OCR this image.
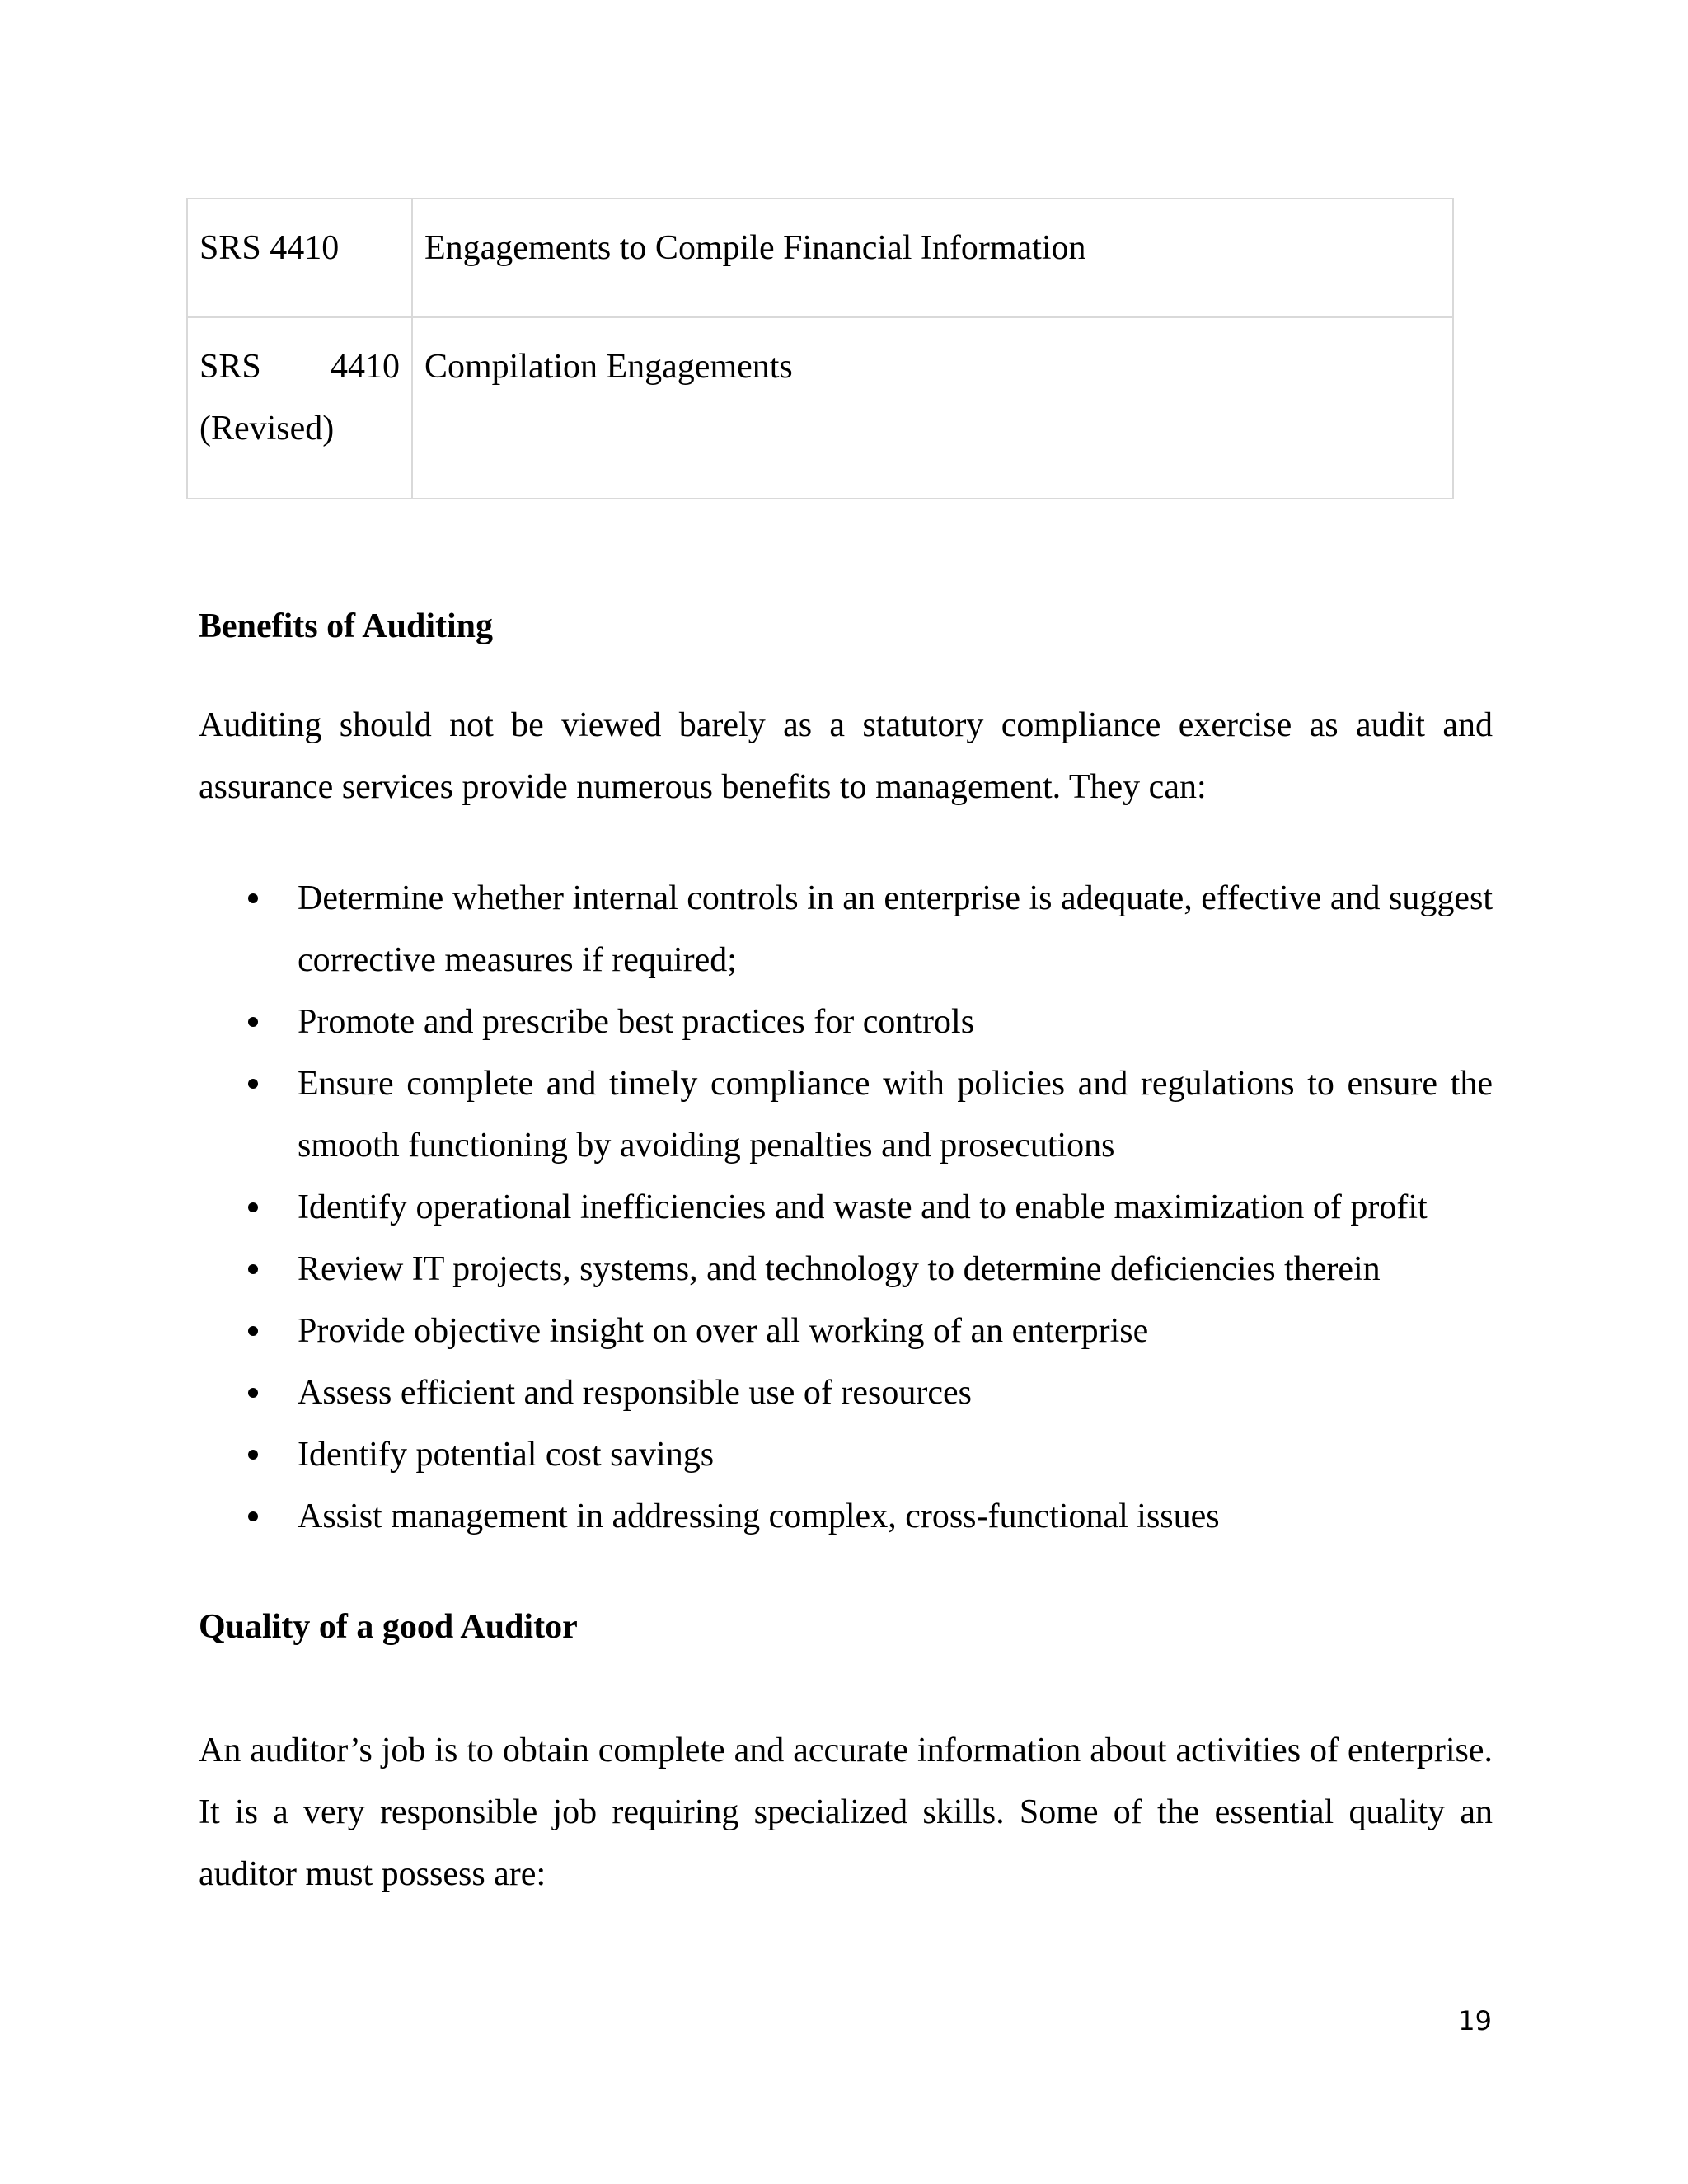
SRS 4410	Engagements to Compile Financial Information

SRS 4410
(Revised)	Compilation Engagements
Benefits of Auditing

Auditing should not be viewed barely as a statutory compliance exercise as audit and assurance services provide numerous benefits to management. They can:

Determine whether internal controls in an enterprise is adequate, effective and suggest corrective measures if required;
Promote and prescribe best practices for controls
Ensure complete and timely compliance with policies and regulations to ensure the smooth functioning by avoiding penalties and prosecutions
Identify operational inefficiencies and waste and to enable maximization of profit
Review IT projects, systems, and technology to determine deficiencies therein
Provide objective insight on over all working of an enterprise
Assess efficient and responsible use of resources
Identify potential cost savings
Assist management in addressing complex, cross-functional issues
Quality of a good Auditor

An auditor’s job is to obtain complete and accurate information about activities of enterprise. It is a very responsible job requiring specialized skills. Some of the essential quality an auditor must possess are:

19
